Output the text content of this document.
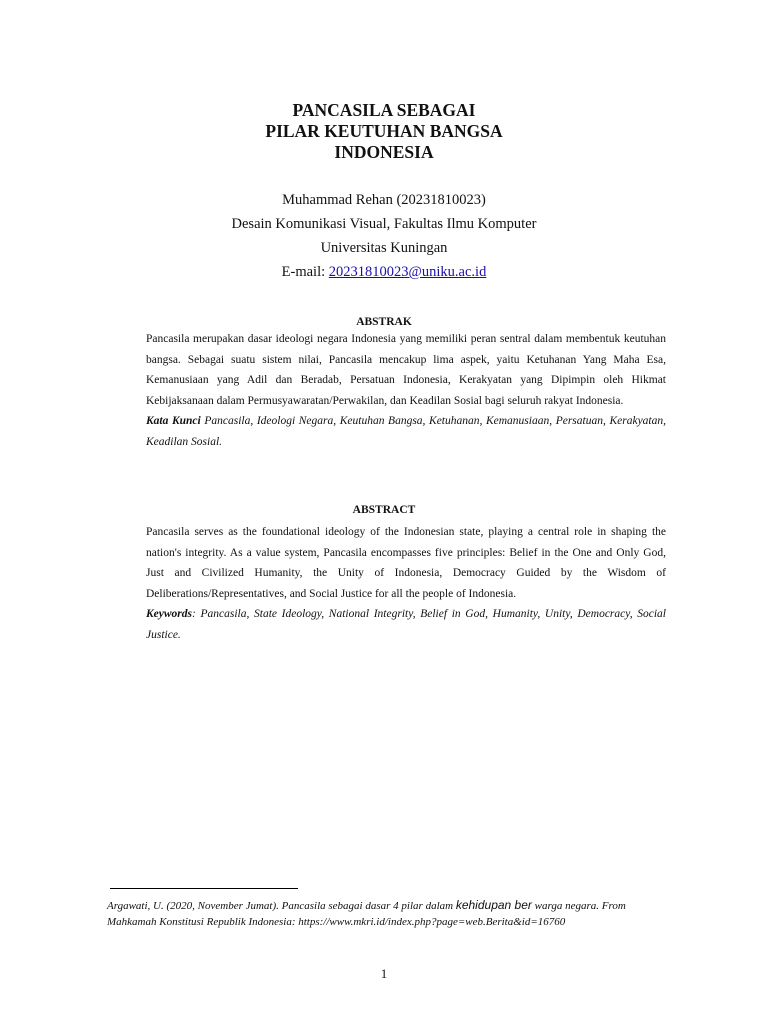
PANCASILA SEBAGAI
PILAR KEUTUHAN BANGSA
INDONESIA
Muhammad Rehan (20231810023)
Desain Komunikasi Visual, Fakultas Ilmu Komputer
Universitas Kuningan
E-mail: 20231810023@uniku.ac.id
ABSTRAK

Pancasila merupakan dasar ideologi negara Indonesia yang memiliki peran sentral dalam membentuk keutuhan bangsa. Sebagai suatu sistem nilai, Pancasila mencakup lima aspek, yaitu Ketuhanan Yang Maha Esa, Kemanusiaan yang Adil dan Beradab, Persatuan Indonesia, Kerakyatan yang Dipimpin oleh Hikmat Kebijaksanaan dalam Permusyawaratan/Perwakilan, dan Keadilan Sosial bagi seluruh rakyat Indonesia.
Kata Kunci Pancasila, Ideologi Negara, Keutuhan Bangsa, Ketuhanan, Kemanusiaan, Persatuan, Kerakyatan, Keadilan Sosial.

ABSTRACT

Pancasila serves as the foundational ideology of the Indonesian state, playing a central role in shaping the nation's integrity. As a value system, Pancasila encompasses five principles: Belief in the One and Only God, Just and Civilized Humanity, the Unity of Indonesia, Democracy Guided by the Wisdom of Deliberations/Representatives, and Social Justice for all the people of Indonesia.
Keywords: Pancasila, State Ideology, National Integrity, Belief in God, Humanity, Unity, Democracy, Social Justice.

Argawati, U. (2020, November Jumat). Pancasila sebagai dasar 4 pilar dalam kehidupan ber warga negara. From Mahkamah Konstitusi Republik Indonesia: https://www.mkri.id/index.php?page=web.Berita&id=16760

1
